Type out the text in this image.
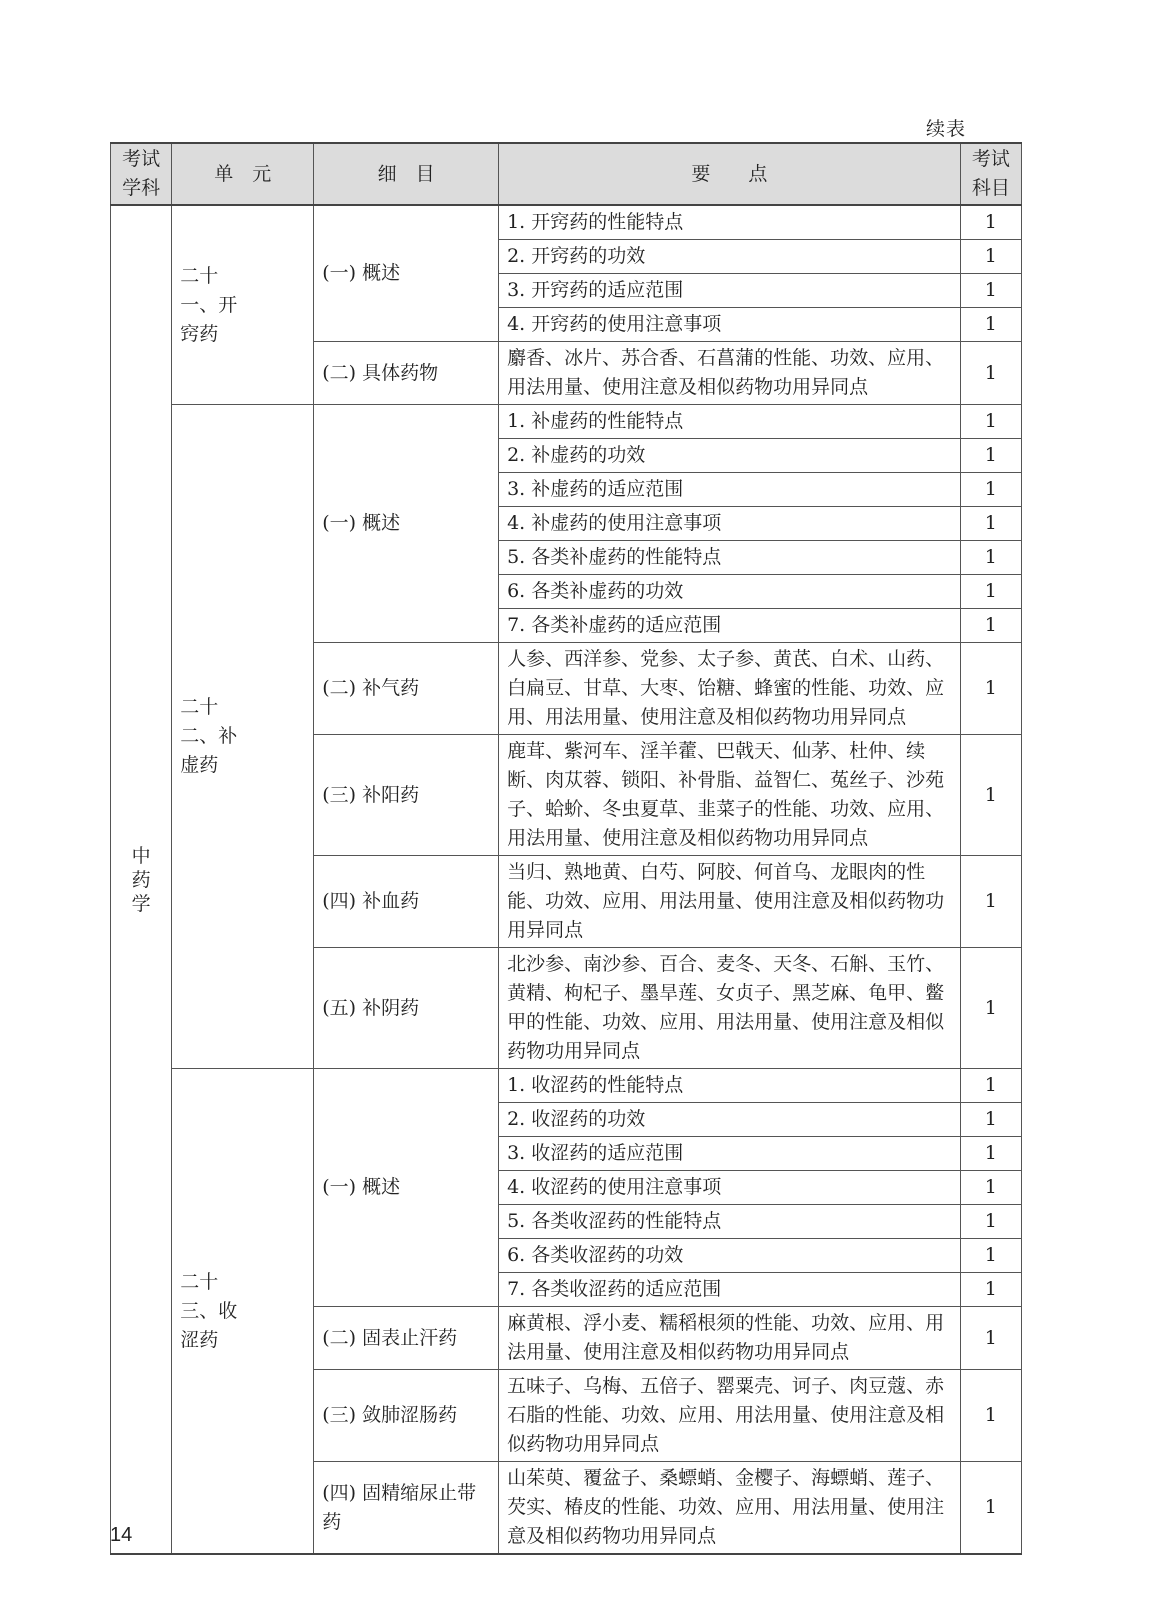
续表
考试学科	单　元	细　目	要　　点	考试科目

中药学	二十一、开窍药	(一) 概述	1. 开窍药的性能特点	1
			2. 开窍药的功效	1
			3. 开窍药的适应范围	1
			4. 开窍药的使用注意事项	1
		(二) 具体药物	麝香、冰片、苏合香、石菖蒲的性能、功效、应用、用法用量、使用注意及相似药物功用异同点	1
	二十二、补虚药	(一) 概述	1. 补虚药的性能特点	1
			2. 补虚药的功效	1
			3. 补虚药的适应范围	1
			4. 补虚药的使用注意事项	1
			5. 各类补虚药的性能特点	1
			6. 各类补虚药的功效	1
			7. 各类补虚药的适应范围	1
		(二) 补气药	人参、西洋参、党参、太子参、黄芪、白术、山药、白扁豆、甘草、大枣、饴糖、蜂蜜的性能、功效、应用、用法用量、使用注意及相似药物功用异同点	1
		(三) 补阳药	鹿茸、紫河车、淫羊藿、巴戟天、仙茅、杜仲、续断、肉苁蓉、锁阳、补骨脂、益智仁、菟丝子、沙苑子、蛤蚧、冬虫夏草、韭菜子的性能、功效、应用、用法用量、使用注意及相似药物功用异同点	1
		(四) 补血药	当归、熟地黄、白芍、阿胶、何首乌、龙眼肉的性能、功效、应用、用法用量、使用注意及相似药物功用异同点	1
		(五) 补阴药	北沙参、南沙参、百合、麦冬、天冬、石斛、玉竹、黄精、枸杞子、墨旱莲、女贞子、黑芝麻、龟甲、鳖甲的性能、功效、应用、用法用量、使用注意及相似药物功用异同点	1
	二十三、收涩药	(一) 概述	1. 收涩药的性能特点	1
			2. 收涩药的功效	1
			3. 收涩药的适应范围	1
			4. 收涩药的使用注意事项	1
			5. 各类收涩药的性能特点	1
			6. 各类收涩药的功效	1
			7. 各类收涩药的适应范围	1
		(二) 固表止汗药	麻黄根、浮小麦、糯稻根须的性能、功效、应用、用法用量、使用注意及相似药物功用异同点	1
		(三) 敛肺涩肠药	五味子、乌梅、五倍子、罂粟壳、诃子、肉豆蔻、赤石脂的性能、功效、应用、用法用量、使用注意及相似药物功用异同点	1
		(四) 固精缩尿止带药	山茱萸、覆盆子、桑螵蛸、金樱子、海螵蛸、莲子、芡实、椿皮的性能、功效、应用、用法用量、使用注意及相似药物功用异同点	1
14
